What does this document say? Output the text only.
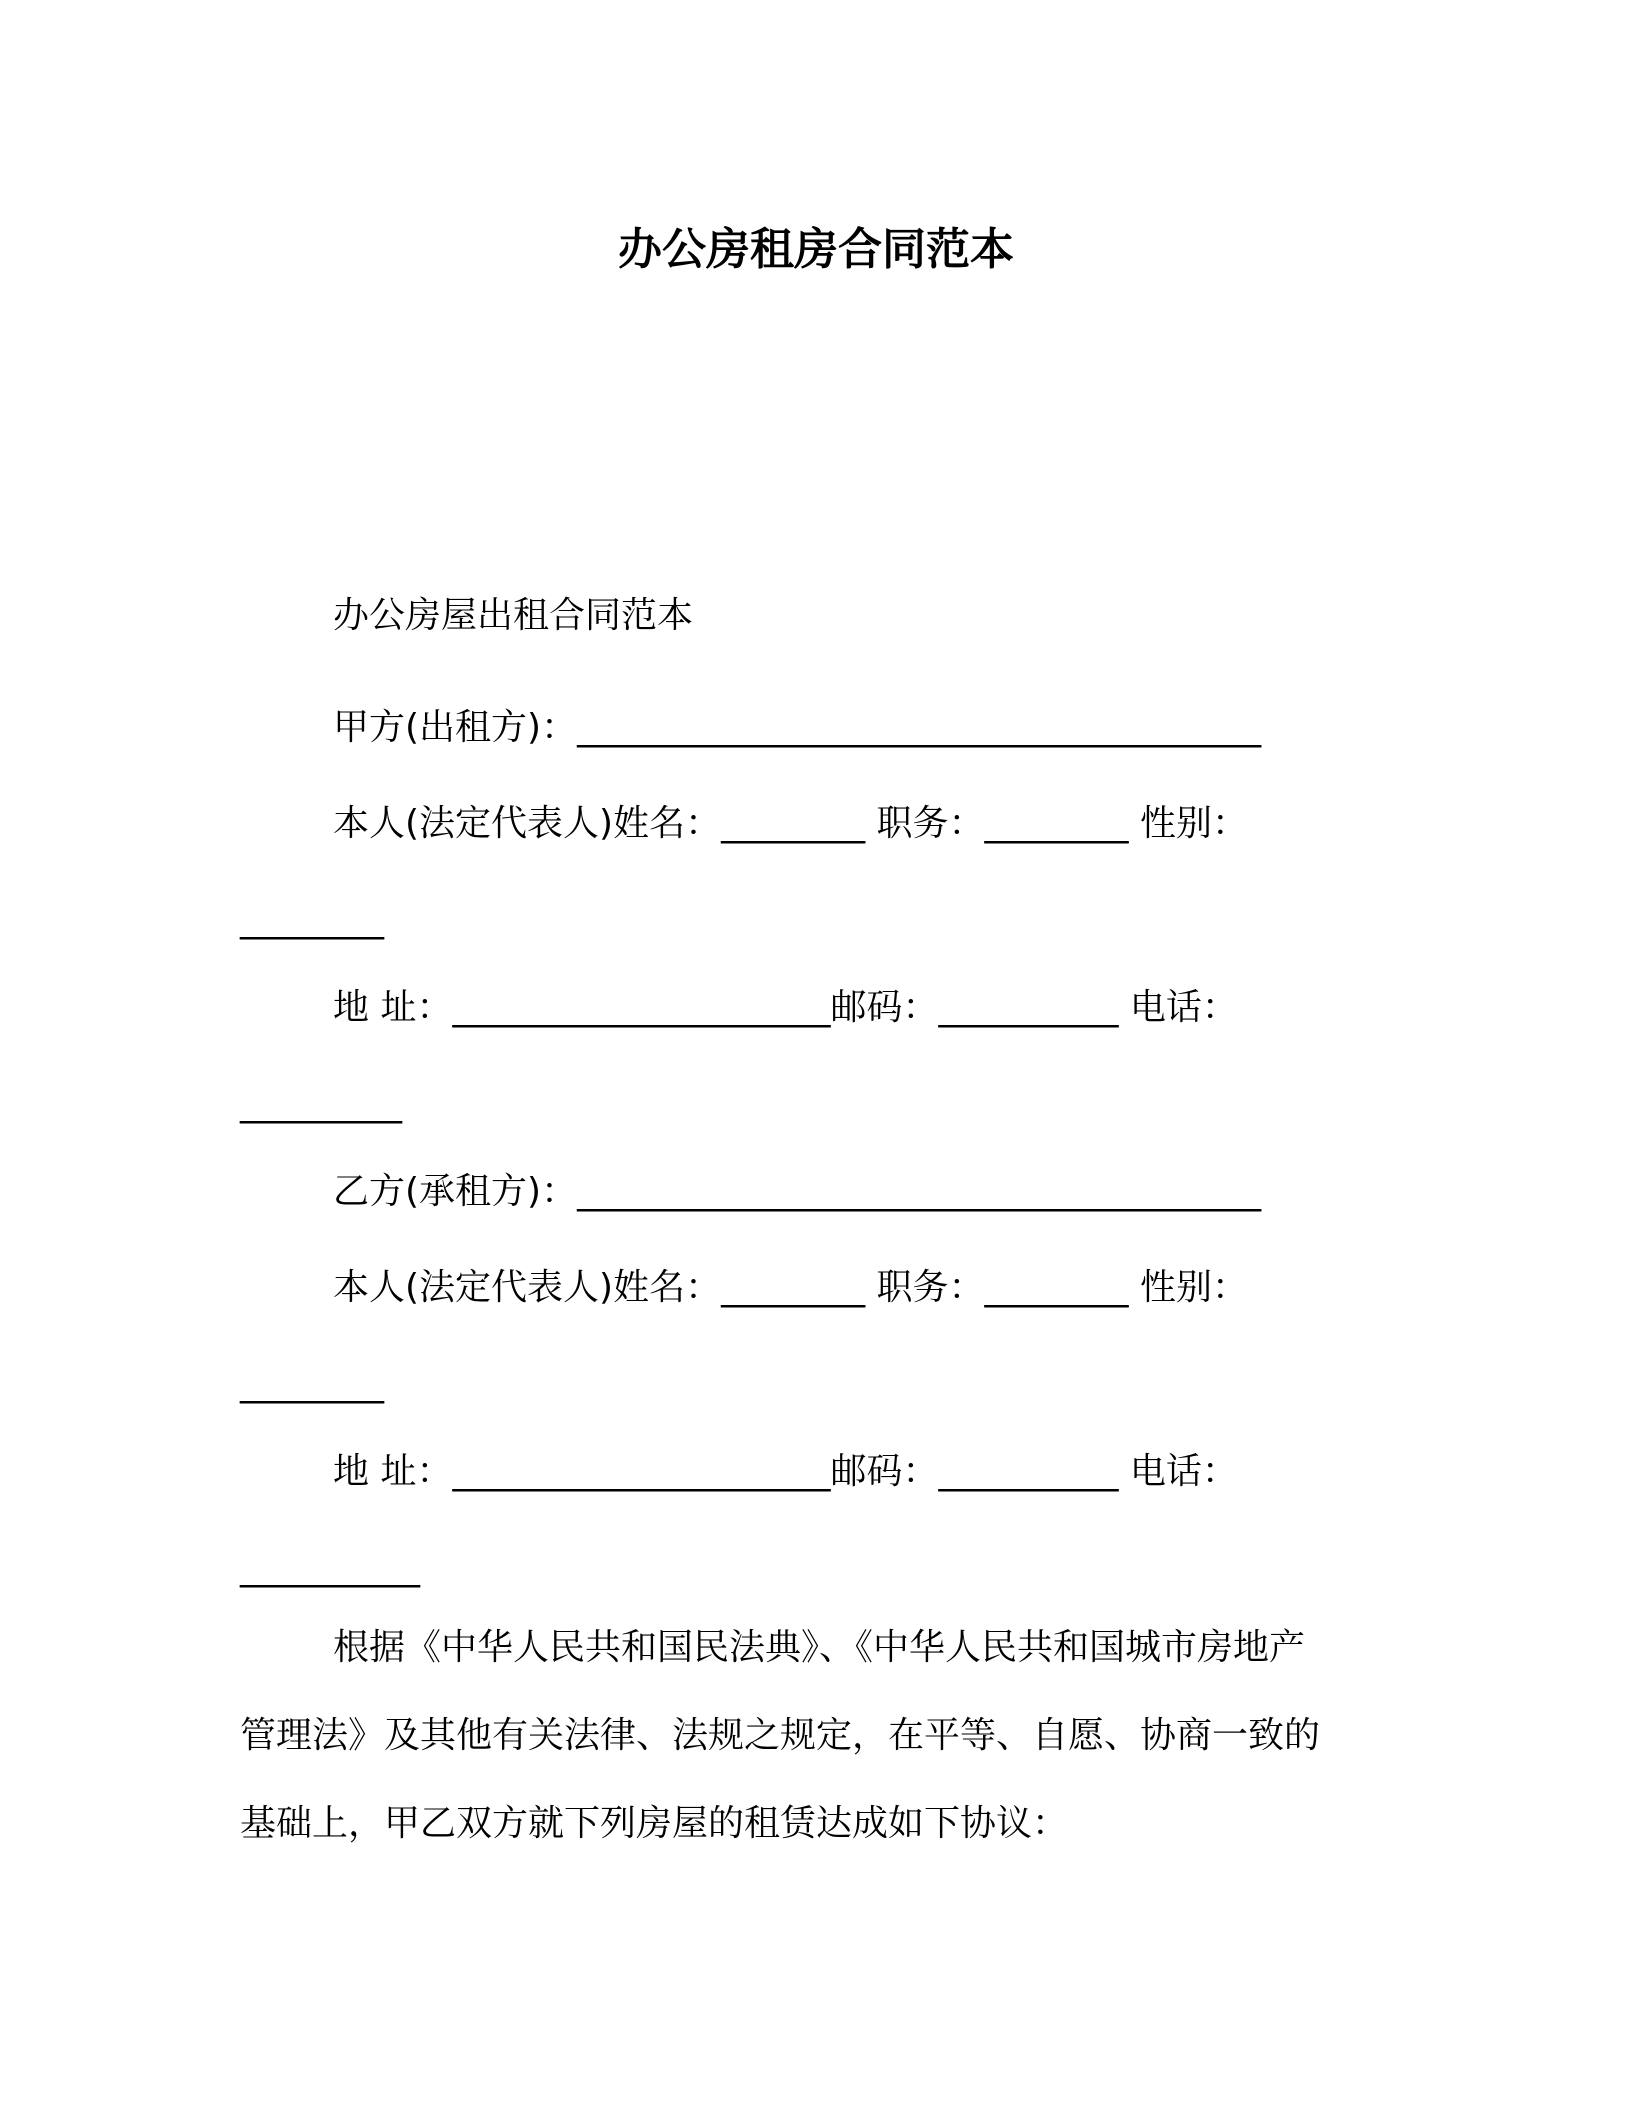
办公房租房合同范本
办公房屋出租合同范本
甲方(出租方)：______________________________________
本人(法定代表人)姓名：________ 职务：________ 性别：
________
地 址：_____________________邮码：__________ 电话：
_________
乙方(承租方)：______________________________________
本人(法定代表人)姓名：________ 职务：________ 性别：
________
地 址：_____________________邮码：__________ 电话：
__________
根据《中华人民共和国民法典》、《中华人民共和国城市房地产
管理法》及其他有关法律、法规之规定，在平等、自愿、协商一致的
基础上，甲乙双方就下列房屋的租赁达成如下协议：
